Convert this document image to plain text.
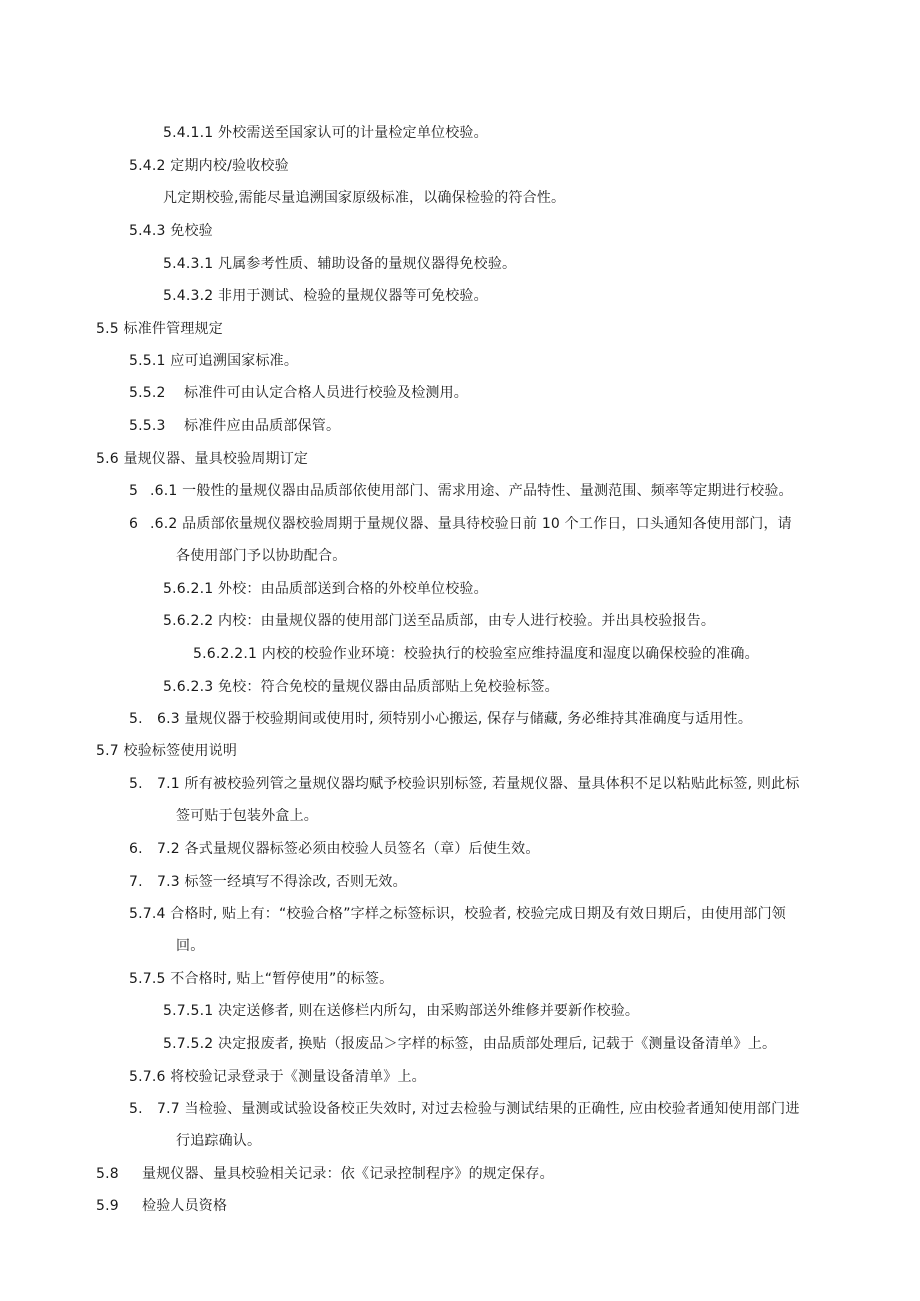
5.4.1.1 外校需送至国家认可的计量检定单位校验。
5.4.2 定期内校/验收校验
凡定期校验,需能尽量追溯国家原级标准，以确保检验的符合性。
5.4.3 免校验
5.4.3.1 凡属参考性质、辅助设备的量规仪器得免校验。
5.4.3.2 非用于测试、检验的量规仪器等可免校验。
5.5 标准件管理规定
5.5.1 应可追溯国家标准。
5.5.2 标准件可由认定合格人员进行校验及检测用。
5.5.3 标准件应由品质部保管。
5.6 量规仪器、量具校验周期订定
5 .6.1 一般性的量规仪器由品质部依使用部门、需求用途、产品特性、量测范围、频率等定期进行校验。
6 .6.2 品质部依量规仪器校验周期于量规仪器、量具待校验日前 10 个工作日，口头通知各使用部门，请
各使用部门予以协助配合。
5.6.2.1 外校：由品质部送到合格的外校单位校验。
5.6.2.2 内校：由量规仪器的使用部门送至品质部，由专人进行校验。并出具校验报告。
5.6.2.2.1 内校的校验作业环境：校验执行的校验室应维持温度和湿度以确保校验的准确。
5.6.2.3 免校：符合免校的量规仪器由品质部贴上免校验标签。
5. 6.3 量规仪器于校验期间或使用时, 须特别小心搬运, 保存与储藏, 务必维持其准确度与适用性。
5.7 校验标签使用说明
5. 7.1 所有被校验列管之量规仪器均赋予校验识别标签, 若量规仪器、量具体积不足以粘贴此标签, 则此标
签可贴于包装外盒上。
6. 7.2 各式量规仪器标签必须由校验人员签名（章）后使生效。
7. 7.3 标签一经填写不得涂改, 否则无效。
5.7.4 合格时, 贴上有：“校验合格”字样之标签标识，校验者, 校验完成日期及有效日期后，由使用部门领
回。
5.7.5 不合格时, 贴上“暂停使用”的标签。
5.7.5.1 决定送修者, 则在送修栏内所勾，由采购部送外维修并要新作校验。
5.7.5.2 决定报废者, 换贴（报废品＞字样的标签，由品质部处理后, 记载于《测量设备清单》上。
5.7.6 将校验记录登录于《测量设备清单》上。
5. 7.7 当检验、量测或试验设备校正失效时, 对过去检验与测试结果的正确性, 应由校验者通知使用部门进
行追踪确认。
5.8 量规仪器、量具校验相关记录：依《记录控制程序》的规定保存。
5.9 检验人员资格
